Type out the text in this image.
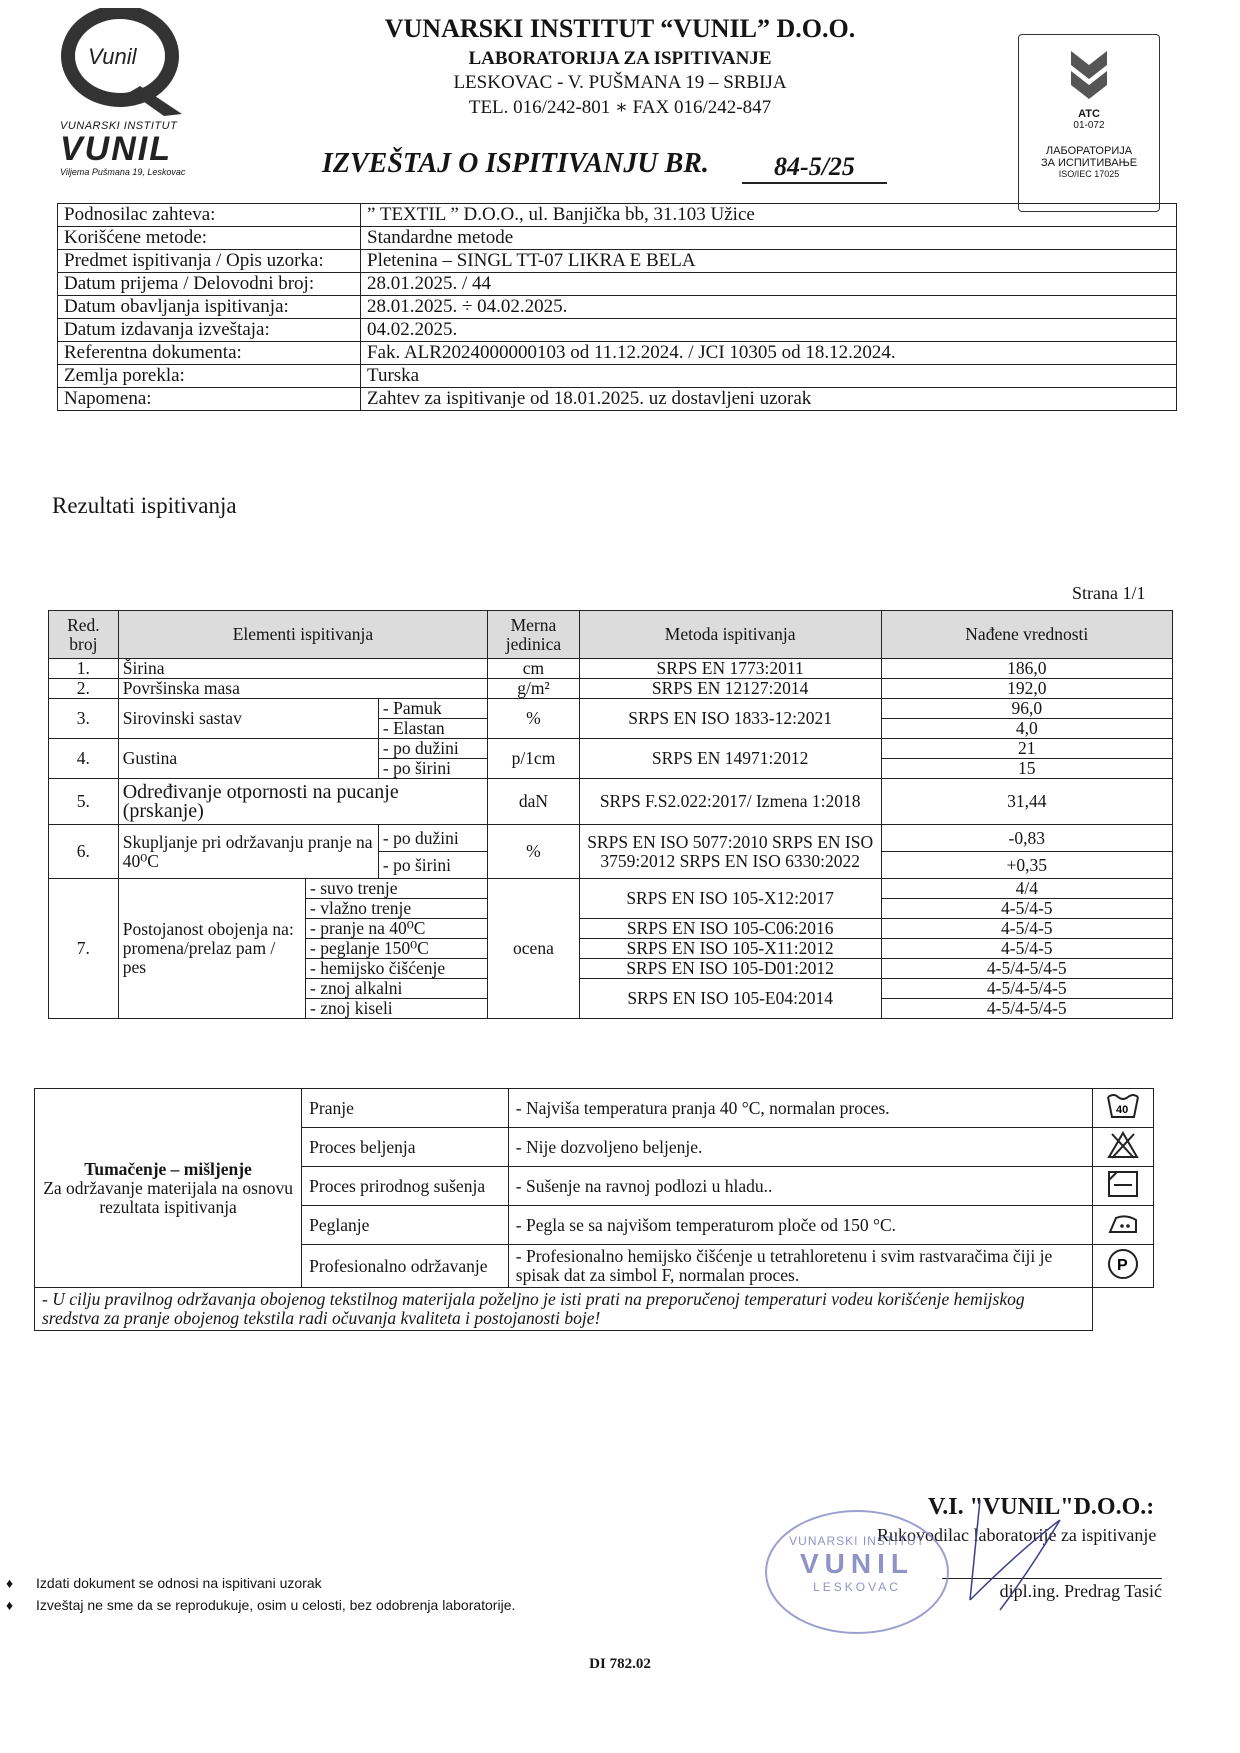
Vunil
VUNARSKI INSTITUT
VUNIL
Viljema Pušmana 19, Leskovac
VUNARSKI INSTITUT “VUNIL” D.O.O.
LABORATORIJA ZA ISPITIVANJE
LESKOVAC - V. PUŠMANA 19 – SRBIJA
TEL. 016/242-801 ∗ FAX 016/242-847
IZVEŠTAJ O ISPITIVANJU BR.	84-5/25
ATC
01-072
ЛАБОРАТОРИЈА
ЗА ИСПИТИВАЊЕ
ISO/IEC 17025
Podnosilac zahteva:	” TEXTIL ” D.O.O., ul. Banjička bb, 31.103 Užice
Korišćene metode:	Standardne metode
Predmet ispitivanja / Opis uzorka:	Pletenina – SINGL TT-07 LIKRA E BELA
Datum prijema / Delovodni broj:	28.01.2025. / 44
Datum obavljanja ispitivanja:	28.01.2025. ÷ 04.02.2025.
Datum izdavanja izveštaja:	04.02.2025.
Referentna dokumenta:	Fak. ALR2024000000103 od 11.12.2024. / JCI 10305 od 18.12.2024.
Zemlja porekla:	Turska
Napomena:	Zahtev za ispitivanje od 18.01.2025. uz dostavljeni uzorak
Rezultati ispitivanja
Strana 1/1
Red. broj	Elementi ispitivanja			Merna jedinica	Metoda ispitivanja	Nađene vrednosti
1.	Širina			cm	SRPS EN 1773:2011	186,0
2.	Površinska masa			g/m²	SRPS EN 12127:2014	192,0
3.	Sirovinski sastav		- Pamuk	%	SRPS EN ISO 1833-12:2021	96,0
			- Elastan			4,0
4.	Gustina		- po dužini	p/1cm	SRPS EN 14971:2012	21
			- po širini			15
5.	Određivanje otpornosti na pucanje (prskanje)			daN	SRPS F.S2.022:2017/ Izmena 1:2018	31,44
6.	Skupljanje pri održavanju pranje na 40⁰C		- po dužini	%	SRPS EN ISO 5077:2010 SRPS EN ISO 3759:2012 SRPS EN ISO 6330:2022	-0,83
			- po širini			+0,35
7.	Postojanost obojenja na: promena/prelaz pam / pes	- suvo trenje		ocena	SRPS EN ISO 105-X12:2017	4/4
		- vlažno trenje				4-5/4-5
		- pranje na 40⁰C			SRPS EN ISO 105-C06:2016	4-5/4-5
		- peglanje 150⁰C			SRPS EN ISO 105-X11:2012	4-5/4-5
		- hemijsko čišćenje			SRPS EN ISO 105-D01:2012	4-5/4-5/4-5
		- znoj alkalni			SRPS EN ISO 105-E04:2014	4-5/4-5/4-5
		- znoj kiseli				4-5/4-5/4-5
Tumačenje – mišljenje
Za održavanje materijala na osnovu rezultata ispitivanja			

	Pranje	- Najviša temperatura pranja 40 °C, normalan proces.	40

	Proces beljenja	- Nije dozvoljeno beljenje.	
	Proces prirodnog sušenja	- Sušenje na ravnoj podlozi u hladu..	
	Peglanje	- Pegla se sa najvišom temperaturom ploče od 150 °C.	
	Profesionalno održavanje	- Profesionalno hemijsko čišćenje u tetrahloretenu i svim rastvaračima čiji je spisak dat za simbol F, normalan proces.	P

- U cilju pravilnog održavanja obojenog tekstilnog materijala poželjno je isti prati na preporučenoj temperaturi vodeu korišćenje hemijskog sredstva za pranje obojenog tekstila radi očuvanja kvaliteta i postojanosti boje!			
V.I. "VUNIL"D.O.O.:
Rukovodilac laboratorije za ispitivanje
dipl.ing. Predrag Tasić
VUNARSKI INSTITUT
VUNIL
LESKOVAC
♦ Izdati dokument se odnosi na ispitivani uzorak
♦ Izveštaj ne sme da se reprodukuje, osim u celosti, bez odobrenja laboratorije.
DI 782.02
